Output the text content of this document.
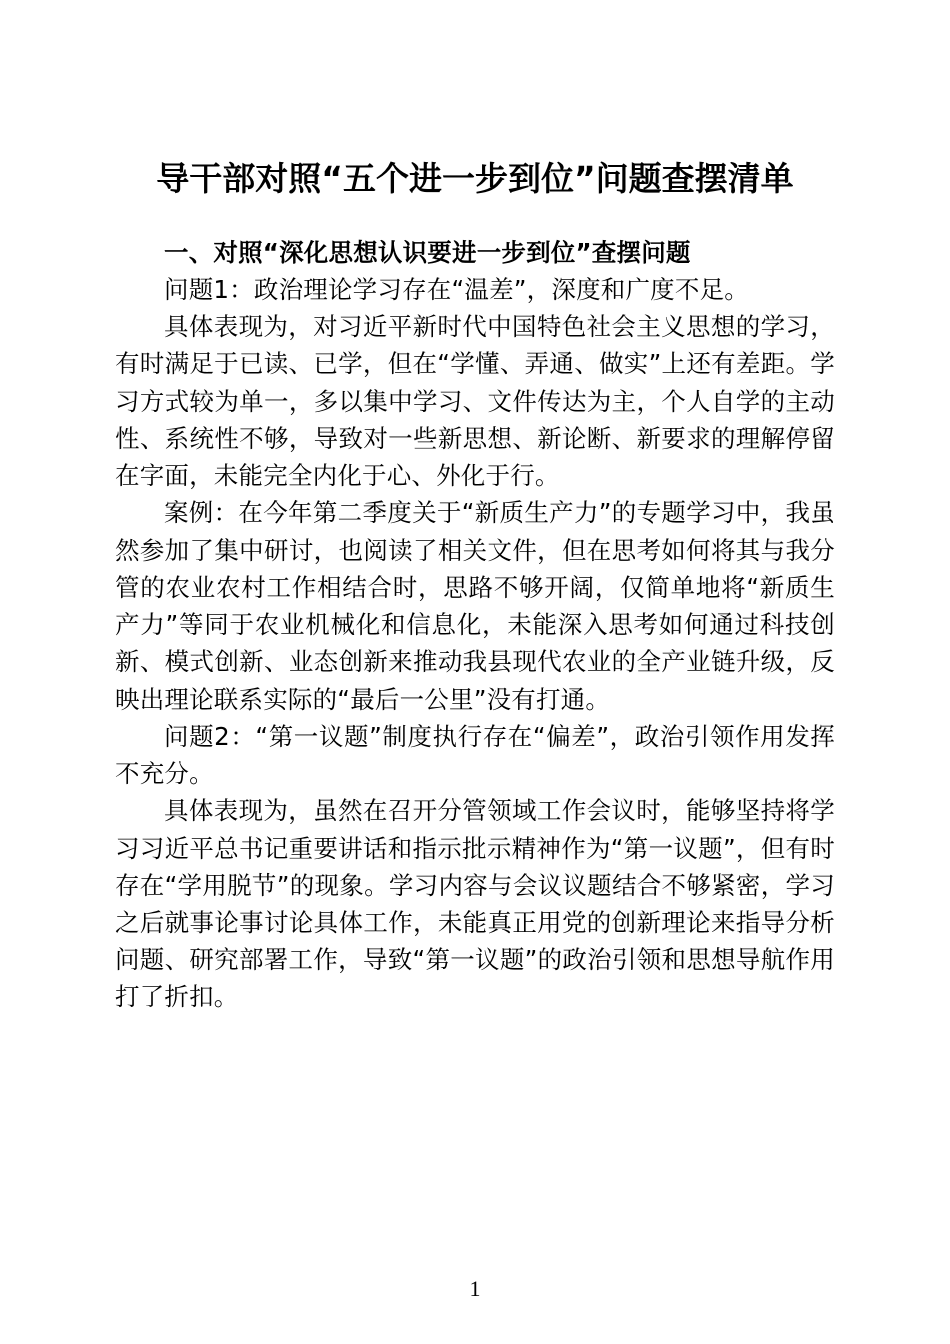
导干部对照“五个进一步到位”问题查摆清单

一、对照“深化思想认识要进一步到位”查摆问题

问题1：政治理论学习存在“温差”，深度和广度不足。

具体表现为，对习近平新时代中国特色社会主义思想的学习，有时满足于已读、已学，但在“学懂、弄通、做实”上还有差距。学习方式较为单一，多以集中学习、文件传达为主，个人自学的主动性、系统性不够，导致对一些新思想、新论断、新要求的理解停留在字面，未能完全内化于心、外化于行。

案例：在今年第二季度关于“新质生产力”的专题学习中，我虽然参加了集中研讨，也阅读了相关文件，但在思考如何将其与我分管的农业农村工作相结合时，思路不够开阔，仅简单地将“新质生产力”等同于农业机械化和信息化，未能深入思考如何通过科技创新、模式创新、业态创新来推动我县现代农业的全产业链升级，反映出理论联系实际的“最后一公里”没有打通。

问题2：“第一议题”制度执行存在“偏差”，政治引领作用发挥不充分。

具体表现为，虽然在召开分管领域工作会议时，能够坚持将学习习近平总书记重要讲话和指示批示精神作为“第一议题”，但有时存在“学用脱节”的现象。学习内容与会议议题结合不够紧密，学习之后就事论事讨论具体工作，未能真正用党的创新理论来指导分析问题、研究部署工作，导致“第一议题”的政治引领和思想导航作用打了折扣。

1
